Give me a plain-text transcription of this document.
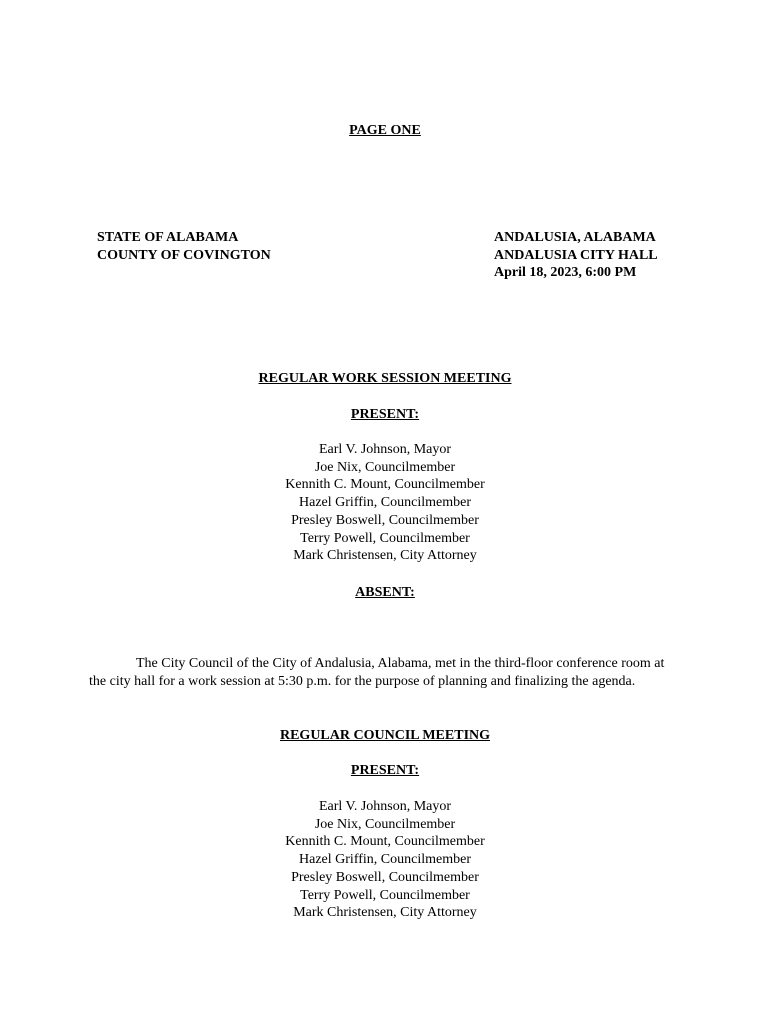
PAGE ONE
STATE OF ALABAMA
COUNTY OF COVINGTON
ANDALUSIA, ALABAMA
ANDALUSIA CITY HALL
April 18, 2023, 6:00 PM
REGULAR WORK SESSION MEETING
PRESENT:
Earl V. Johnson, Mayor
Joe Nix, Councilmember
Kennith C. Mount, Councilmember
Hazel Griffin, Councilmember
Presley Boswell, Councilmember
Terry Powell, Councilmember
Mark Christensen, City Attorney
ABSENT:
The City Council of the City of Andalusia, Alabama, met in the third-floor conference room at the city hall for a work session at 5:30 p.m. for the purpose of planning and finalizing the agenda.
REGULAR COUNCIL MEETING
PRESENT:
Earl V. Johnson, Mayor
Joe Nix, Councilmember
Kennith C. Mount, Councilmember
Hazel Griffin, Councilmember
Presley Boswell, Councilmember
Terry Powell, Councilmember
Mark Christensen, City Attorney
